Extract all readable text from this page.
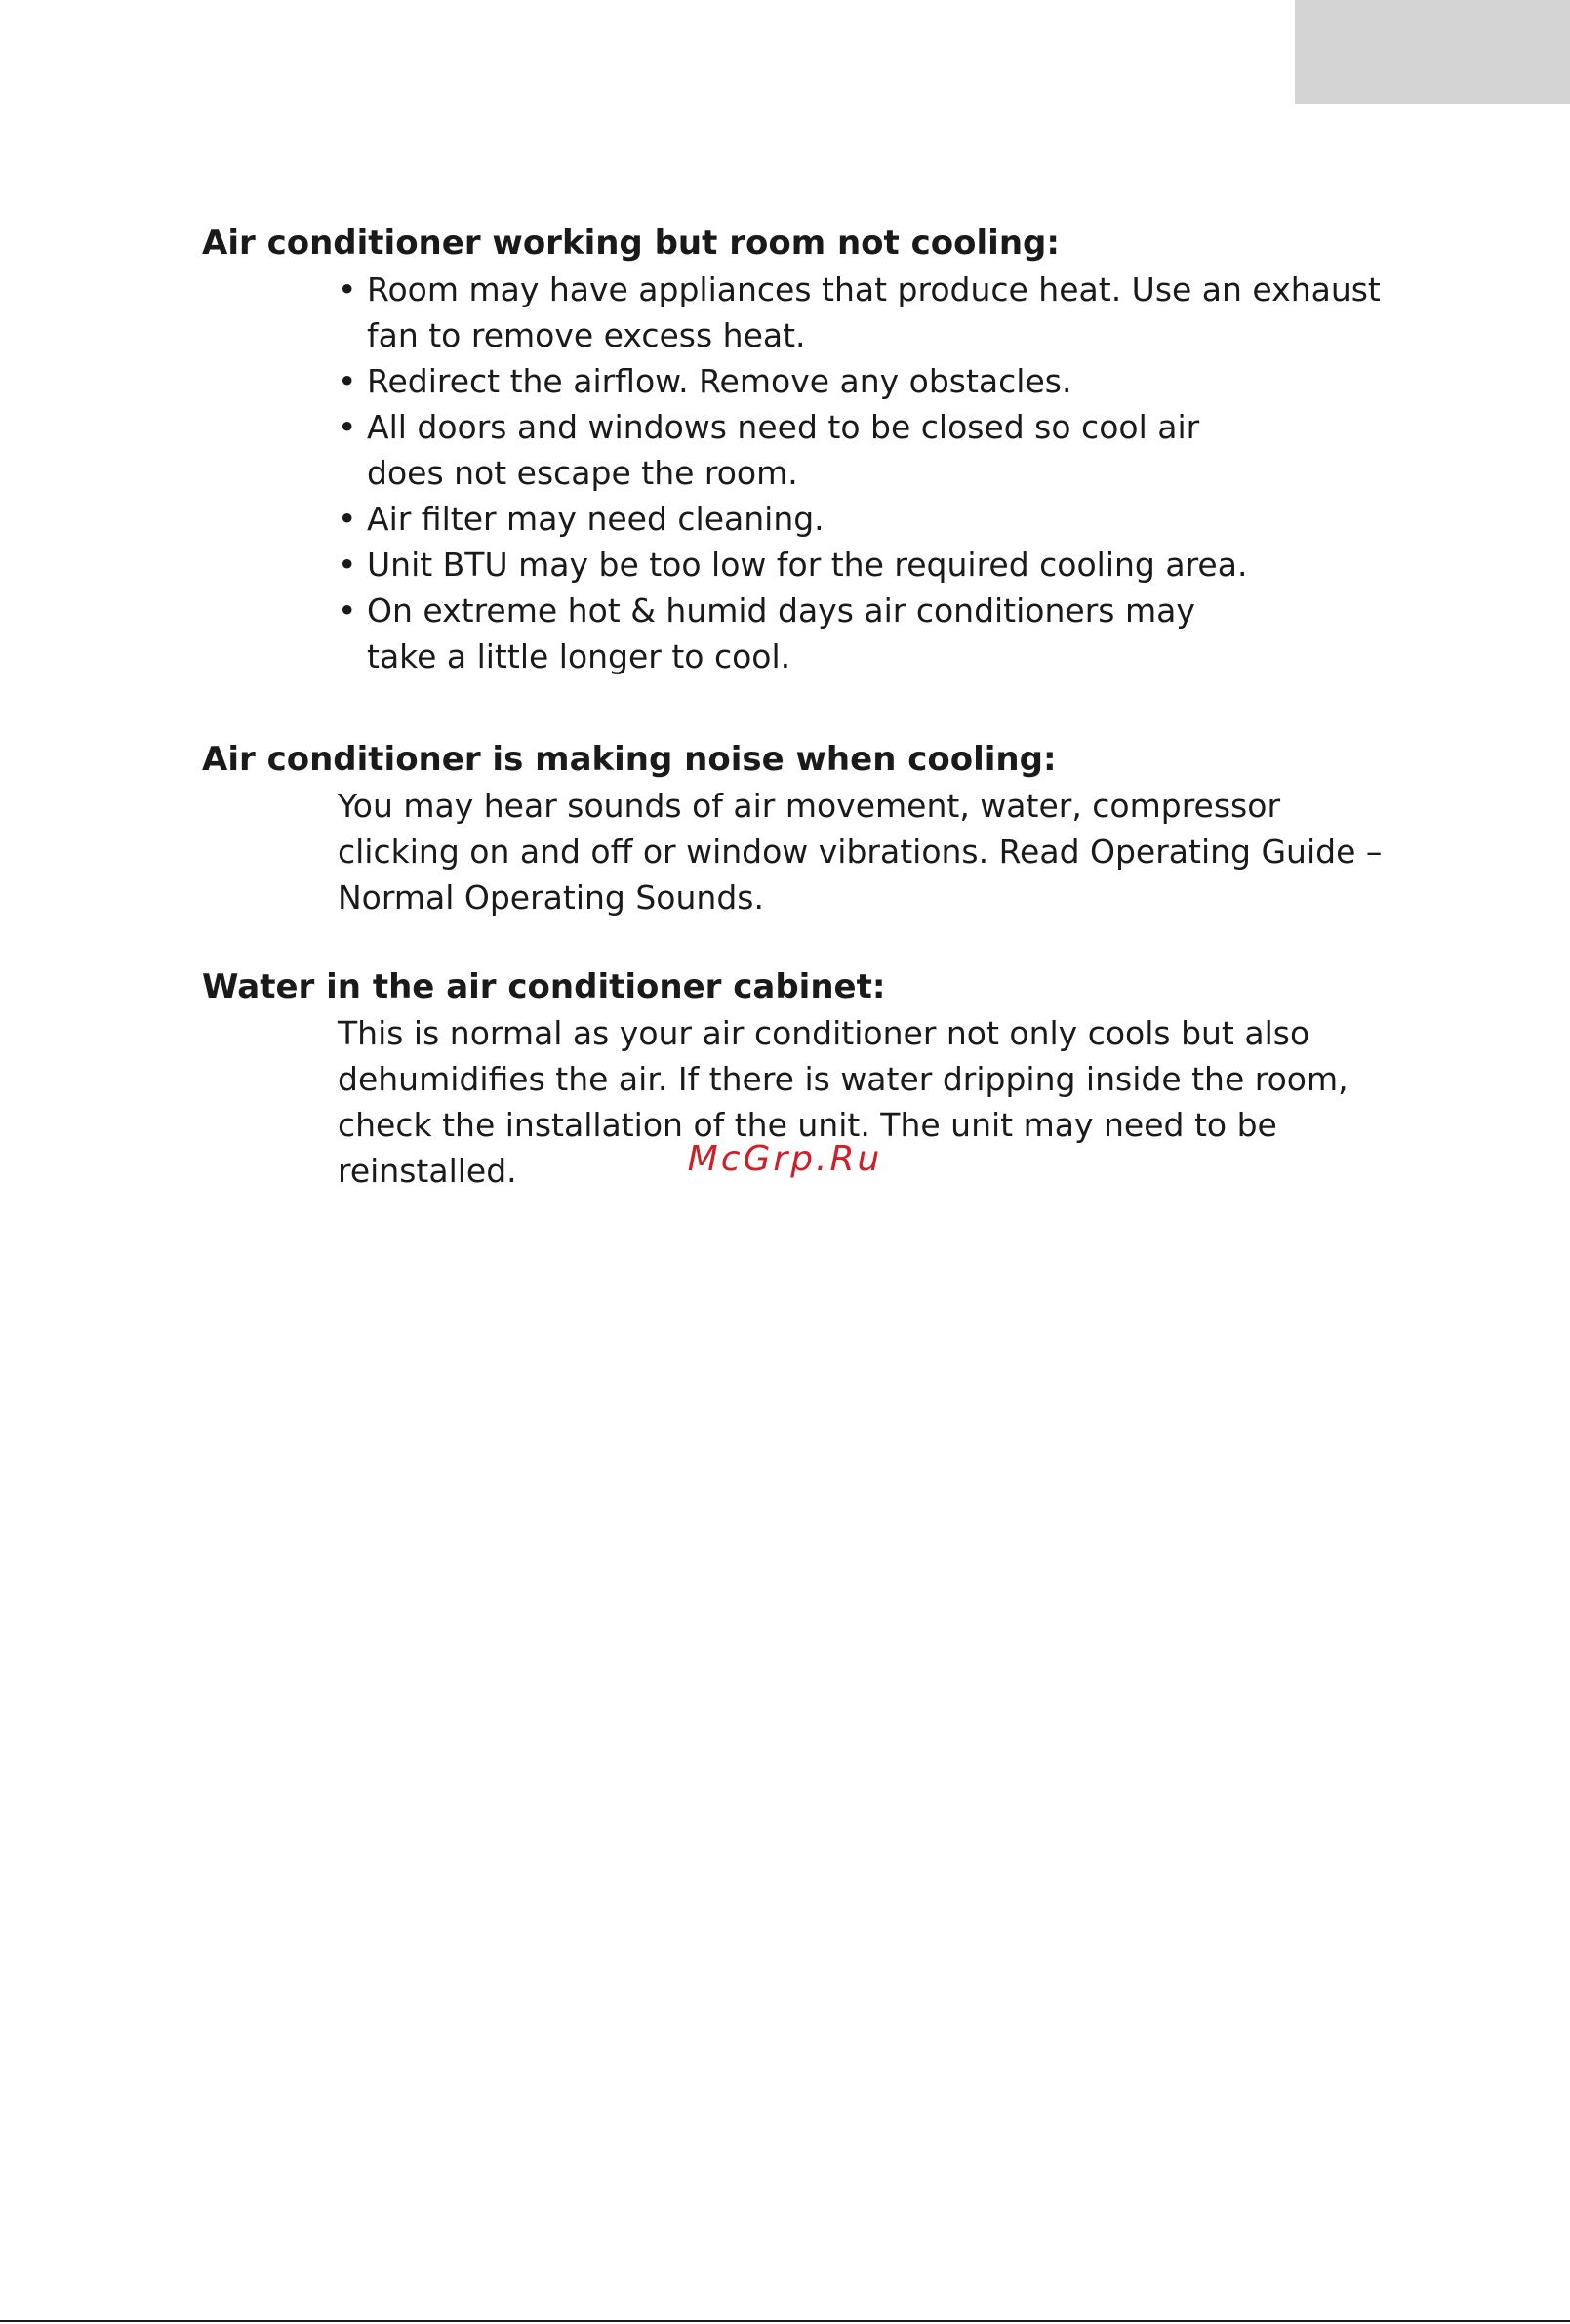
Air conditioner working but room not cooling:
• Room may have appliances that produce heat. Use an exhaust fan to remove excess heat.
• Redirect the airflow. Remove any obstacles.
• All doors and windows need to be closed so cool air does not escape the room.
• Air filter may need cleaning.
• Unit BTU may be too low for the required cooling area.
• On extreme hot & humid days air conditioners may take a little longer to cool.
Air conditioner is making noise when cooling:

You may hear sounds of air movement, water, compressor clicking on and off or window vibrations. Read Operating Guide – Normal Operating Sounds.

Water in the air conditioner cabinet:

This is normal as your air conditioner not only cools but also dehumidifies the air. If there is water dripping inside the room, check the installation of the unit. The unit may need to be reinstalled.	McGrp.Ru
